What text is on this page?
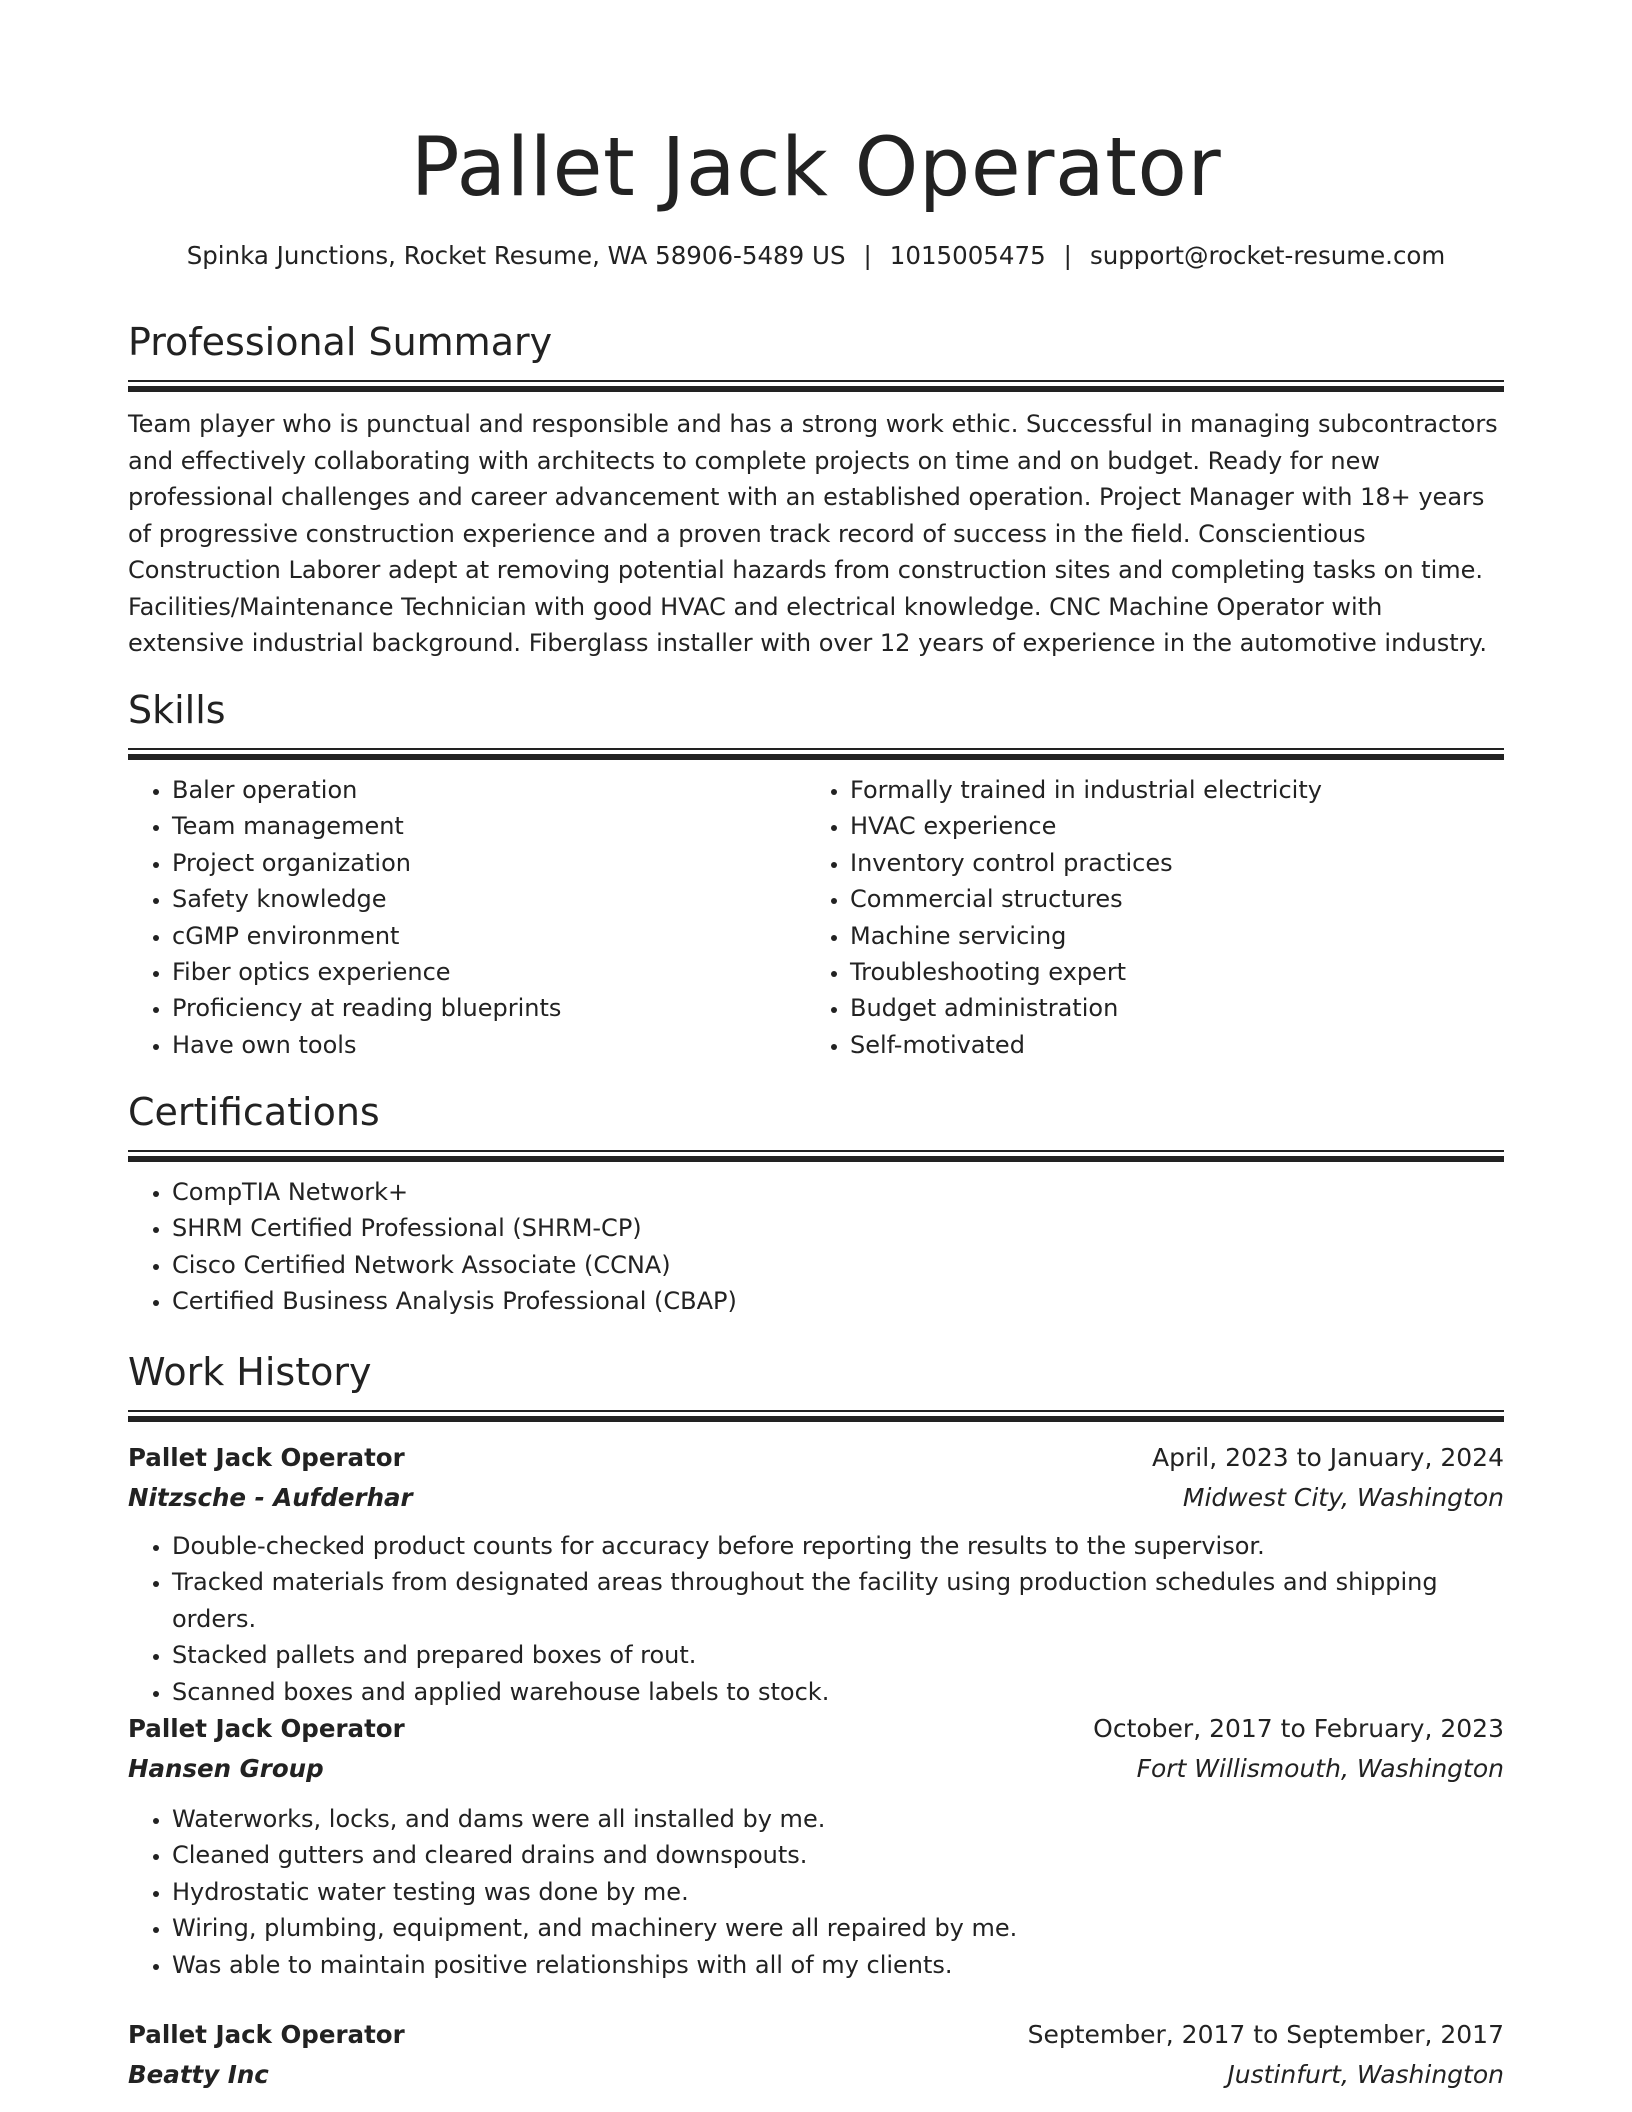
Pallet Jack Operator
Spinka Junctions, Rocket Resume, WA 58906-5489 US | 1015005475 | support@rocket-resume.com
Professional Summary

Team player who is punctual and responsible and has a strong work ethic. Successful in managing subcontractors and effectively collaborating with architects to complete projects on time and on budget. Ready for new professional challenges and career advancement with an established operation. Project Manager with 18+ years of progressive construction experience and a proven track record of success in the field. Conscientious Construction Laborer adept at removing potential hazards from construction sites and completing tasks on time. Facilities/Maintenance Technician with good HVAC and electrical knowledge. CNC Machine Operator with extensive industrial background. Fiberglass installer with over 12 years of experience in the automotive industry.

Skills
• Baler operation
• Team management
• Project organization
• Safety knowledge
• cGMP environment
• Fiber optics experience
• Proficiency at reading blueprints
• Have own tools
• Formally trained in industrial electricity
• HVAC experience
• Inventory control practices
• Commercial structures
• Machine servicing
• Troubleshooting expert
• Budget administration
• Self-motivated
Certifications
• CompTIA Network+
• SHRM Certified Professional (SHRM-CP)
• Cisco Certified Network Associate (CCNA)
• Certified Business Analysis Professional (CBAP)
Work History
Pallet Jack Operator	April, 2023 to January, 2024
Nitzsche - Aufderhar	Midwest City, Washington
• Double-checked product counts for accuracy before reporting the results to the supervisor.
• Tracked materials from designated areas throughout the facility using production schedules and shipping orders.
• Stacked pallets and prepared boxes of rout.
• Scanned boxes and applied warehouse labels to stock.
Pallet Jack Operator	October, 2017 to February, 2023
Hansen Group	Fort Willismouth, Washington
• Waterworks, locks, and dams were all installed by me.
• Cleaned gutters and cleared drains and downspouts.
• Hydrostatic water testing was done by me.
• Wiring, plumbing, equipment, and machinery were all repaired by me.
• Was able to maintain positive relationships with all of my clients.
Pallet Jack Operator	September, 2017 to September, 2017
Beatty Inc	Justinfurt, Washington
